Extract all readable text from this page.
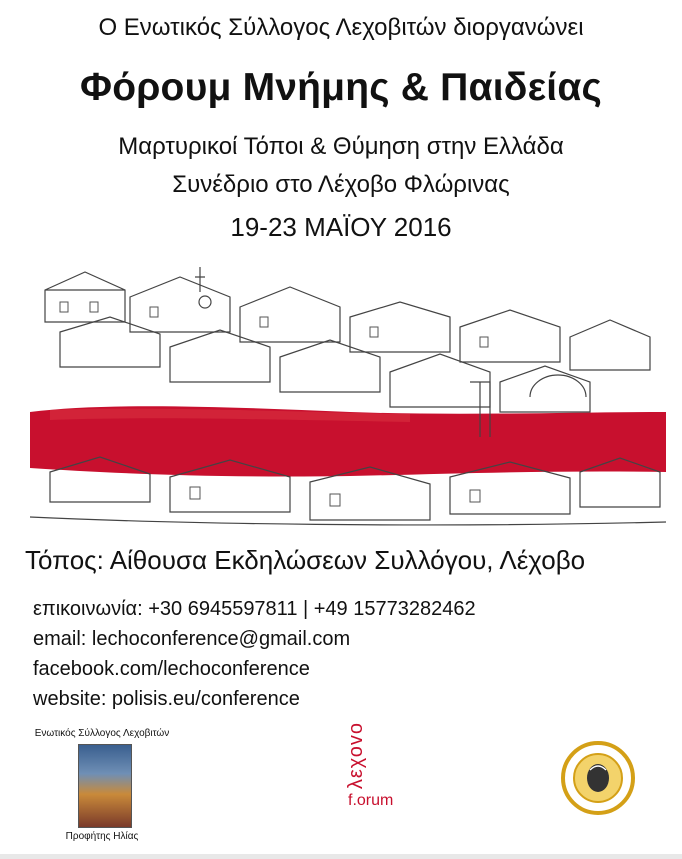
Ο Ενωτικός Σύλλογος Λεχοβιτών διοργανώνει
Φόρουμ Μνήμης & Παιδείας
Μαρτυρικοί Τόποι & Θύμηση στην Ελλάδα
Συνέδριο στο Λέχοβο Φλώρινας
19-23 ΜΑΪΟΥ 2016
Τόπος: Αίθουσα Εκδηλώσεων Συλλόγου, Λέχοβο
επικοινωνία: +30 6945597811 | +49 15773282462
email: lechoconference@gmail.com
facebook.com/lechoconference
website: polisis.eu/conference
Ενωτικός Σύλλογος Λεχοβιτών
Προφήτης Ηλίας
λεχοvo
f.orum
